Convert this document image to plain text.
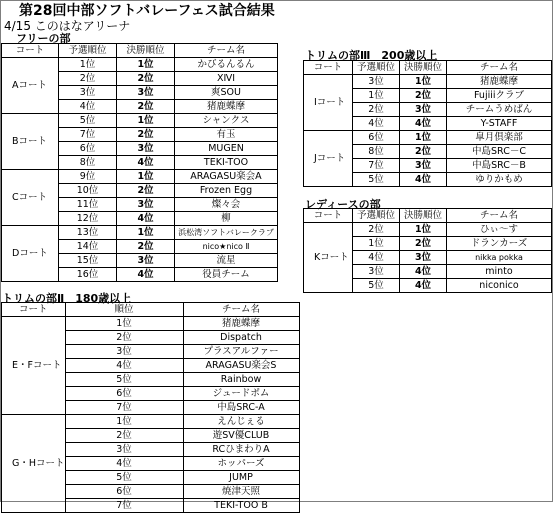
第28回中部ソフトバレーフェス試合結果
4/15 このはなアリーナ
フリーの部
コート	予選順位	決勝順位	チーム名
Aコート	1位	1位	かびるんるん
	2位	2位	ⅩⅣⅠ
	3位	3位	爽SOU
	4位	2位	猪鹿蝶摩
Bコート	5位	1位	シャンクス
	7位	2位	有玉
	6位	3位	MUGEN
	8位	4位	TEKI-TOO
Cコート	9位	1位	ARAGASU楽会A
	10位	2位	Frozen Egg
	11位	3位	燦々会
	12位	4位	柳
Dコート	13位	1位	浜松湾ソフトバレークラブ
	14位	2位	nico★nico Ⅱ
	15位	3位	流星
	16位	4位	役員チーム
トリムの部Ⅲ　200歳以上
コート	予選順位	決勝順位	チーム名
Iコート	3位	1位	猪鹿蝶摩
	1位	2位	Fujiiiクラブ
	2位	3位	チームうめばん
	4位	4位	Y-STAFF
Jコート	6位	1位	皐月倶楽部
	8位	2位	中島SRC－C
	7位	3位	中島SRC－B
	5位	4位	ゆりかもめ
レディースの部
コート	予選順位	決勝順位	チーム名
Kコート	2位	1位	ひぃ～す
	1位	2位	ドランカーズ
	4位	3位	nikka pokka
	3位	4位	minto
	5位	4位	niconico
トリムの部Ⅱ　180歳以上
コート	順位	チーム名
E・Fコート	1位	猪鹿蝶摩
	2位	Dispatch
	3位	プラスアルファー
	4位	ARAGASU楽会S
	5位	Rainbow
	6位	ジュードボム
	7位	中島SRC-A
G・Hコート	1位	えんじぇる
	2位	遊SV優CLUB
	3位	RCひまわりA
	4位	ホッパーズ
	5位	JUMP
	6位	焼津天照
	7位	TEKI-TOO B
